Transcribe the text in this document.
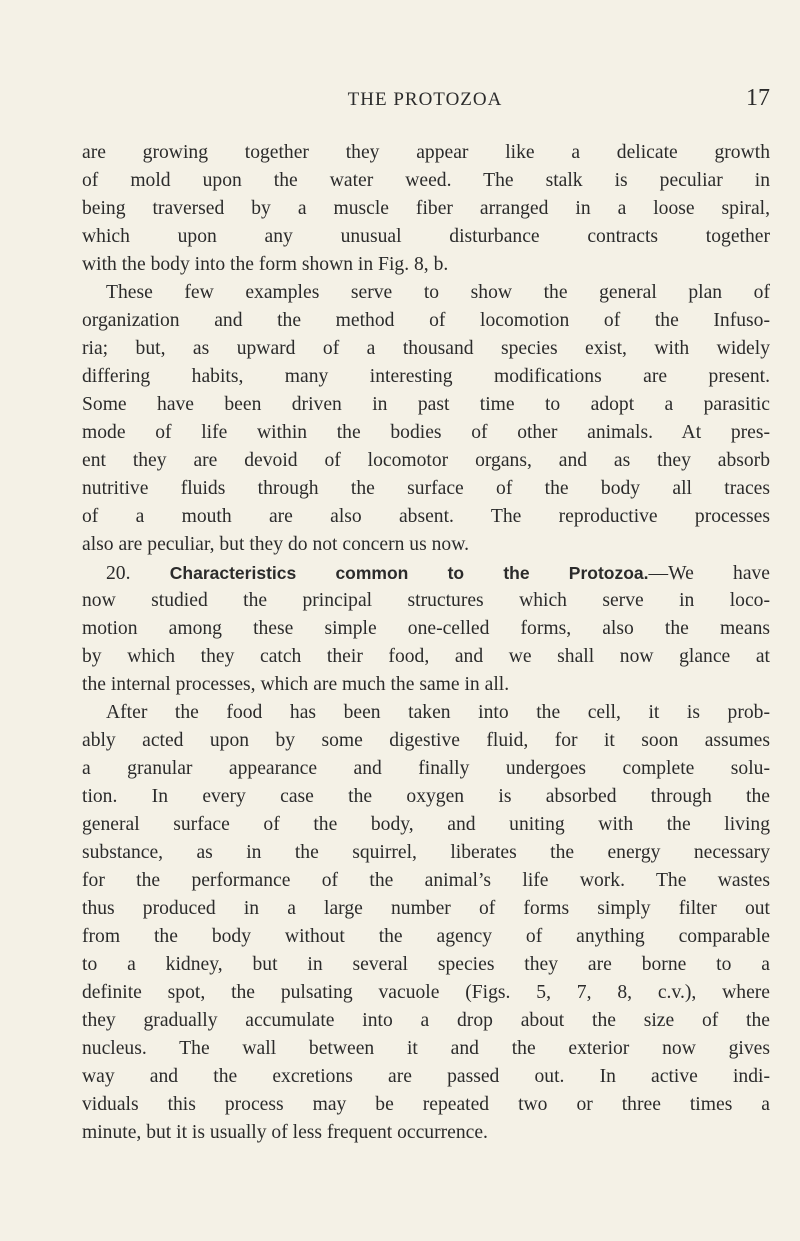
THE PROTOZOA	17
are growing together they appear like a delicate growth
of mold upon the water weed. The stalk is peculiar in
being traversed by a muscle fiber arranged in a loose spiral,
which upon any unusual disturbance contracts together
with the body into the form shown in Fig. 8, b.
These few examples serve to show the general plan of
organization and the method of locomotion of the Infuso-
ria; but, as upward of a thousand species exist, with widely
differing habits, many interesting modifications are present.
Some have been driven in past time to adopt a parasitic
mode of life within the bodies of other animals. At pres-
ent they are devoid of locomotor organs, and as they absorb
nutritive fluids through the surface of the body all traces
of a mouth are also absent. The reproductive processes
also are peculiar, but they do not concern us now.
20. Characteristics common to the Protozoa.—We have
now studied the principal structures which serve in loco-
motion among these simple one-celled forms, also the means
by which they catch their food, and we shall now glance at
the internal processes, which are much the same in all.
After the food has been taken into the cell, it is prob-
ably acted upon by some digestive fluid, for it soon assumes
a granular appearance and finally undergoes complete solu-
tion. In every case the oxygen is absorbed through the
general surface of the body, and uniting with the living
substance, as in the squirrel, liberates the energy necessary
for the performance of the animal’s life work. The wastes
thus produced in a large number of forms simply filter out
from the body without the agency of anything comparable
to a kidney, but in several species they are borne to a
definite spot, the pulsating vacuole (Figs. 5, 7, 8, c.v.), where
they gradually accumulate into a drop about the size of the
nucleus. The wall between it and the exterior now gives
way and the excretions are passed out. In active indi-
viduals this process may be repeated two or three times a
minute, but it is usually of less frequent occurrence.
